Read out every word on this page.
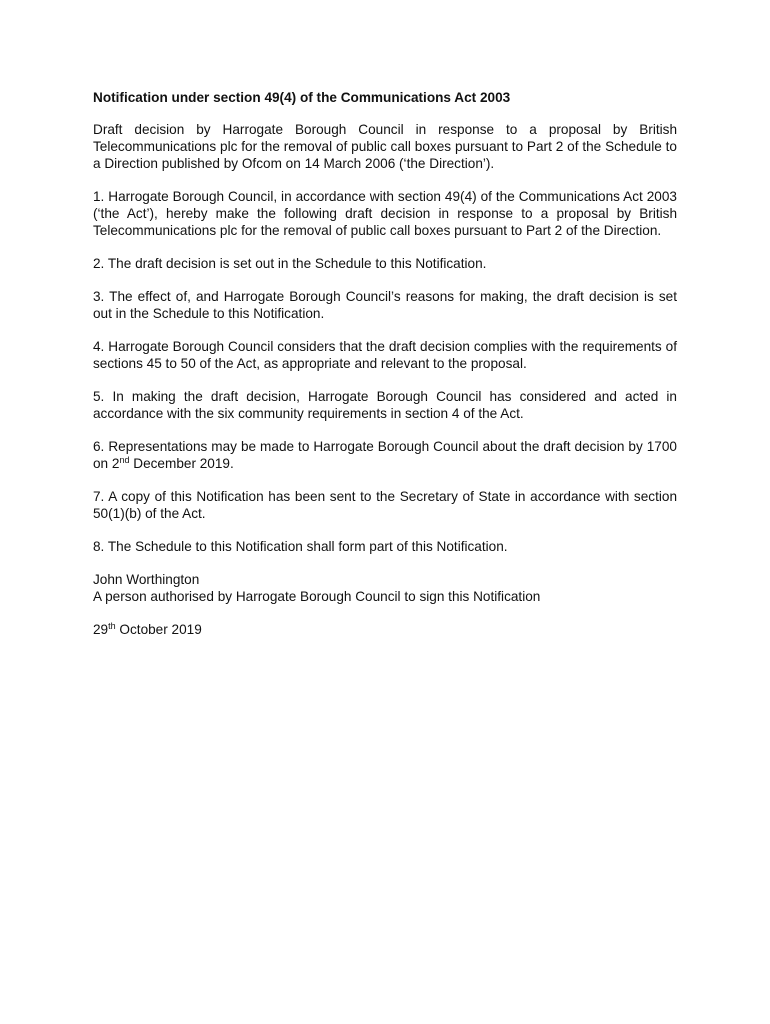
Notification under section 49(4) of the Communications Act 2003

Draft decision by Harrogate Borough Council in response to a proposal by British Telecommunications plc for the removal of public call boxes pursuant to Part 2 of the Schedule to a Direction published by Ofcom on 14 March 2006 (‘the Direction’).

1. Harrogate Borough Council, in accordance with section 49(4) of the Communications Act 2003 (‘the Act’), hereby make the following draft decision in response to a proposal by British Telecommunications plc for the removal of public call boxes pursuant to Part 2 of the Direction.

2. The draft decision is set out in the Schedule to this Notification.

3. The effect of, and Harrogate Borough Council’s reasons for making, the draft decision is set out in the Schedule to this Notification.

4. Harrogate Borough Council considers that the draft decision complies with the requirements of sections 45 to 50 of the Act, as appropriate and relevant to the proposal.

5. In making the draft decision, Harrogate Borough Council has considered and acted in accordance with the six community requirements in section 4 of the Act.

6. Representations may be made to Harrogate Borough Council about the draft decision by 1700 on 2nd December 2019.

7. A copy of this Notification has been sent to the Secretary of State in accordance with section 50(1)(b) of the Act.

8. The Schedule to this Notification shall form part of this Notification.

John Worthington

A person authorised by Harrogate Borough Council to sign this Notification

29th October 2019
